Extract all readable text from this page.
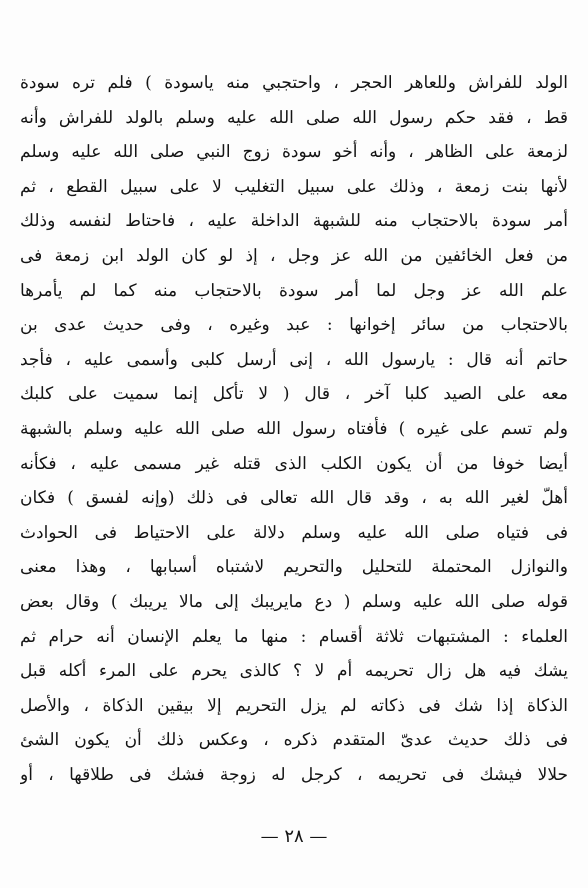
الولد للفراش وللعاهر الحجر ، واحتجبي منه ياسودة ) فلم تره سودة
قط ، فقد حكم رسول الله صلى الله عليه وسلم بالولد للفراش وأنه
لزمعة على الظاهر ، وأنه أخو سودة زوج النبي صلى الله عليه وسلم
لأنها بنت زمعة ، وذلك على سبيل التغليب لا على سبيل القطع ، ثم
أمر سودة بالاحتجاب منه للشبهة الداخلة عليه ، فاحتاط لنفسه وذلك
من فعل الخائفين من الله عز وجل ، إذ لو كان الولد ابن زمعة فى
علم الله عز وجل لما أمر سودة بالاحتجاب منه كما لم يأمرها
بالاحتجاب من سائر إخوانها : عبد وغيره ، وفى حديث عدى بن
حاتم أنه قال : يارسول الله ، إنى أرسل كلبى وأسمى عليه ، فأجد
معه على الصيد كلبا آخر ، قال ( لا تأكل إنما سميت على كلبك
ولم تسم على غيره ) فأفتاه رسول الله صلى الله عليه وسلم بالشبهة
أيضا خوفا من أن يكون الكلب الذى قتله غير مسمى عليه ، فكأنه
أهلّ لغير الله به ، وقد قال الله تعالى فى ذلك (وإنه لفسق ) فكان
فى فتياه صلى الله عليه وسلم دلالة على الاحتياط فى الحوادث
والنوازل المحتملة للتحليل والتحريم لاشتباه أسبابها ، وهذا معنى
قوله صلى الله عليه وسلم ( دع مايريبك إلى مالا يريبك ) وقال بعض
العلماء : المشتبهات ثلاثة أقسام : منها ما يعلم الإنسان أنه حرام ثم
يشك فيه هل زال تحريمه أم لا ؟ كالذى يحرم على المرء أكله قبل
الذكاة إذا شك فى ذكاته لم يزل التحريم إلا بيقين الذكاة ، والأصل
فى ذلك حديث عدىّ المتقدم ذكره ، وعكس ذلك أن يكون الشئ
حلالا فيشك فى تحريمه ، كرجل له زوجة فشك فى طلاقها ، أو
— ٢٨ —
